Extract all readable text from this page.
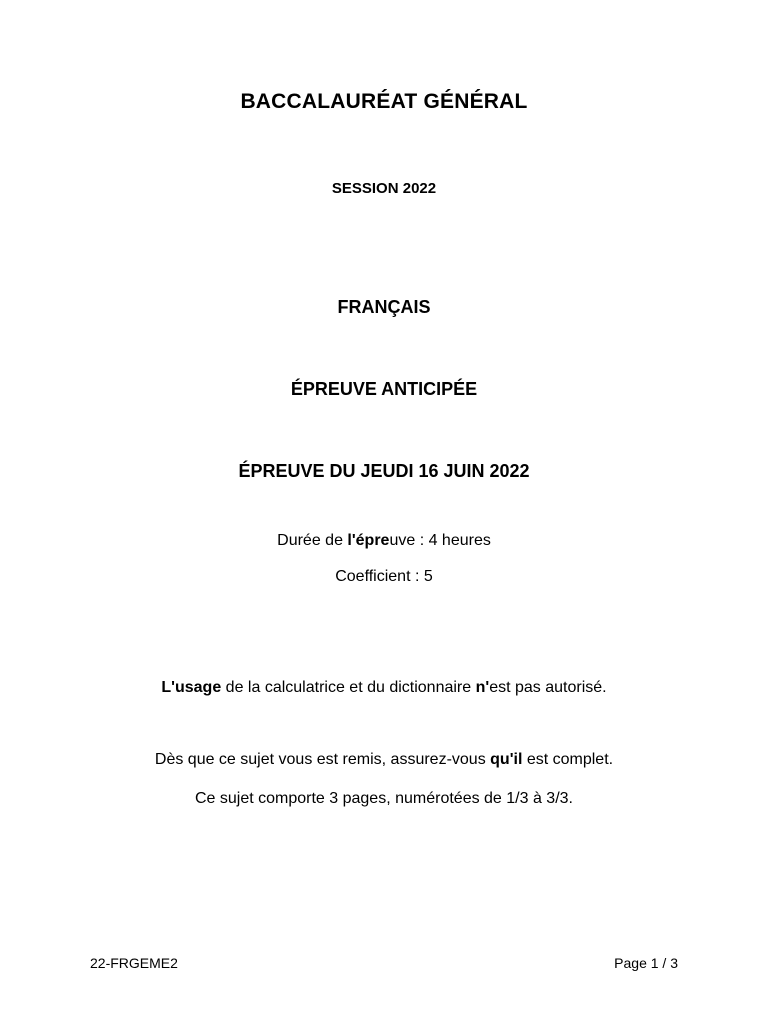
BACCALAURÉAT GÉNÉRAL
SESSION 2022
FRANÇAIS
ÉPREUVE ANTICIPÉE
ÉPREUVE DU JEUDI 16 JUIN 2022
Durée de l'épreuve : 4 heures
Coefficient : 5
L'usage de la calculatrice et du dictionnaire n'est pas autorisé.
Dès que ce sujet vous est remis, assurez-vous qu'il est complet.
Ce sujet comporte 3 pages, numérotées de 1/3 à 3/3.
22-FRGEME2	Page 1 / 3
